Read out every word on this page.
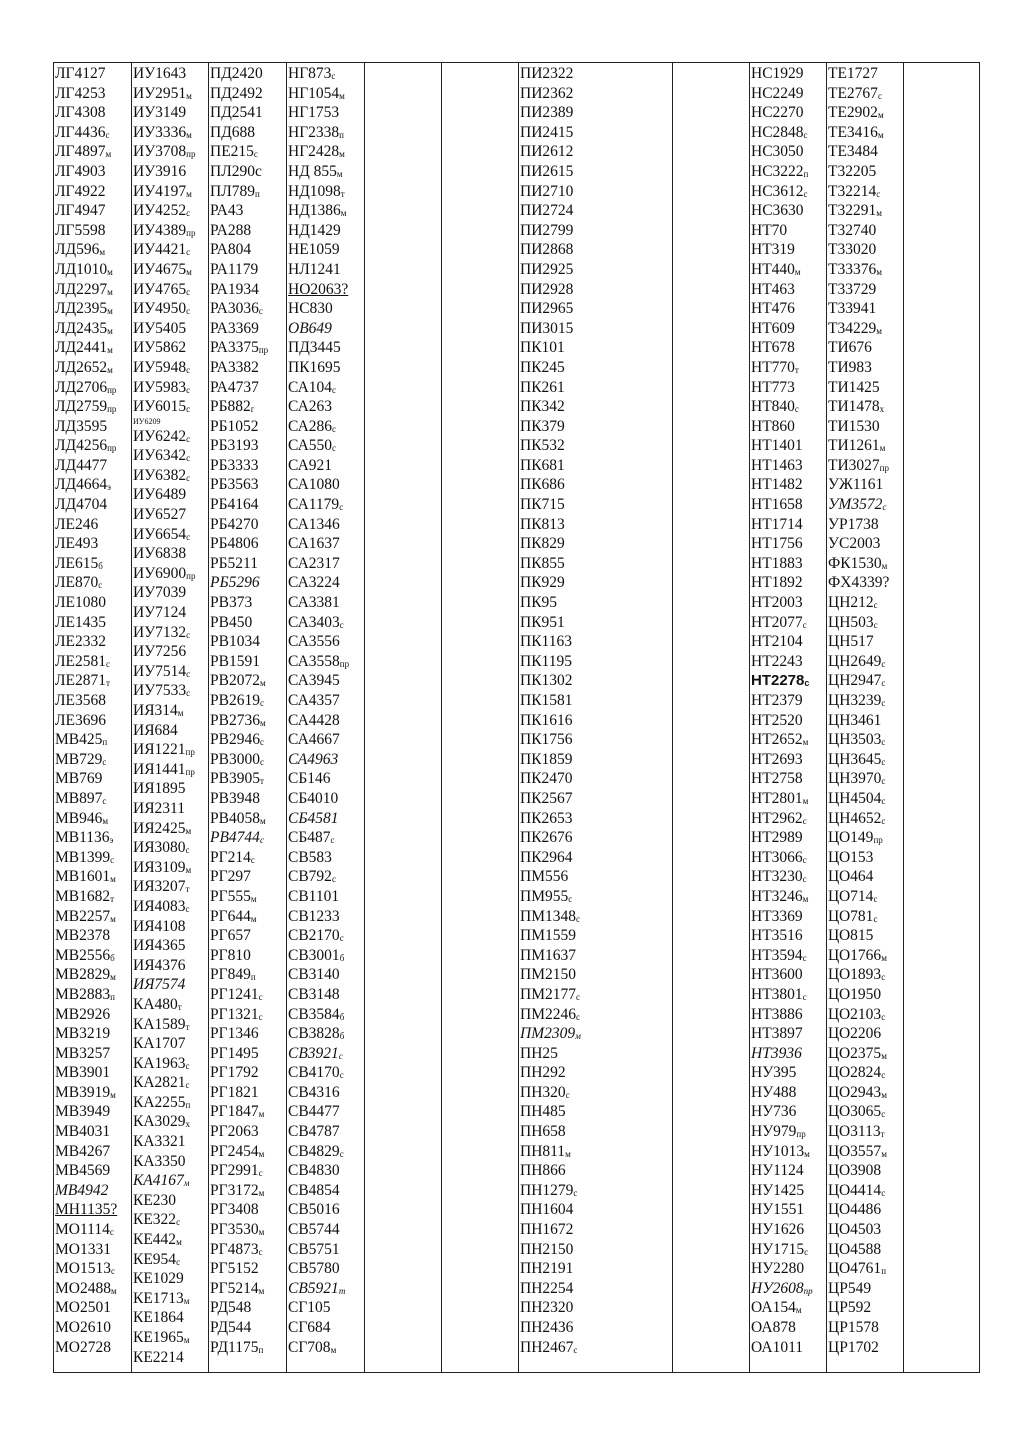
ЛГ4127
ЛГ4253
ЛГ4308
ЛГ4436с
ЛГ4897м
ЛГ4903
ЛГ4922
ЛГ4947
ЛГ5598
ЛД596м
ЛД1010м
ЛД2297м
ЛД2395м
ЛД2435м
ЛД2441м
ЛД2652м
ЛД2706пр
ЛД2759пр
ЛД3595
ЛД4256пр
ЛД4477
ЛД4664э
ЛД4704
ЛЕ246
ЛЕ493
ЛЕ615б
ЛЕ870с
ЛЕ1080
ЛЕ1435
ЛЕ2332
ЛЕ2581с
ЛЕ2871т
ЛЕ3568
ЛЕ3696
МВ425п
МВ729с
МВ769
МВ897с
МВ946м
МВ1136э
МВ1399с
МВ1601м
МВ1682т
МВ2257м
МВ2378
МВ2556б
МВ2829м
МВ2883п
МВ2926
МВ3219
МВ3257
МВ3901
МВ3919м
МВ3949
МВ4031
МВ4267
МВ4569
МВ4942
МН1135?
МО1114с
МО1331
МО1513с
МО2488м
МО2501
МО2610
МО2728
ИУ1643
ИУ2951м
ИУ3149
ИУ3336м
ИУ3708пр
ИУ3916
ИУ4197м
ИУ4252с
ИУ4389пр
ИУ4421с
ИУ4675м
ИУ4765с
ИУ4950с
ИУ5405
ИУ5862
ИУ5948с
ИУ5983с
ИУ6015с
ИУ6209
ИУ6242с
ИУ6342с
ИУ6382с
ИУ6489
ИУ6527
ИУ6654с
ИУ6838
ИУ6900пр
ИУ7039
ИУ7124
ИУ7132с
ИУ7256
ИУ7514с
ИУ7533с
ИЯ314м
ИЯ684
ИЯ1221пр
ИЯ1441пр
ИЯ1895
ИЯ2311
ИЯ2425м
ИЯ3080с
ИЯ3109м
ИЯ3207т
ИЯ4083с
ИЯ4108
ИЯ4365
ИЯ4376
ИЯ7574
КА480т
КА1589т
КА1707
КА1963с
КА2821с
КА2255п
КА3029х
КА3321
КА3350
КА4167м
КЕ230
КЕ322с
КЕ442м
КЕ954с
КЕ1029
КЕ1713м
КЕ1864
КЕ1965м
КЕ2214
ПД2420
ПД2492
ПД2541
ПД688
ПЕ215с
ПЛ290с
ПЛ789п
РА43
РА288
РА804
РА1179
РА1934
РА3036с
РА3369
РА3375пр
РА3382
РА4737
РБ882г
РБ1052
РБ3193
РБ3333
РБ3563
РБ4164
РБ4270
РБ4806
РБ5211
РБ5296
РВ373
РВ450
РВ1034
РВ1591
РВ2072м
РВ2619с
РВ2736м
РВ2946с
РВ3000с
РВ3905т
РВ3948
РВ4058м
РВ4744с
РГ214с
РГ297
РГ555м
РГ644м
РГ657
РГ810
РГ849п
РГ1241с
РГ1321с
РГ1346
РГ1495
РГ1792
РГ1821
РГ1847м
РГ2063
РГ2454м
РГ2991с
РГ3172м
РГ3408
РГ3530м
РГ4873с
РГ5152
РГ5214м
РД548
РД544
РД1175п
НГ873с
НГ1054м
НГ1753
НГ2338п
НГ2428м
НД 855м
НД1098т
НД1386м
НД1429
НЕ1059
НЛ1241
НО2063?
НС830
ОВ649
ПД3445
ПК1695
СА104с
СА263
СА286с
СА550с
СА921
СА1080
СА1179с
СА1346
СА1637
СА2317
СА3224
СА3381
СА3403с
СА3556
СА3558пр
СА3945
СА4357
СА4428
СА4667
СА4963
СБ146
СБ4010
СБ4581
СБ487с
СВ583
СВ792с
СВ1101
СВ1233
СВ2170с
СВ3001б
СВ3140
СВ3148
СВ3584б
СВ3828б
СВ3921с
СВ4170с
СВ4316
СВ4477
СВ4787
СВ4829с
СВ4830
СВ4854
СВ5016
СВ5744
СВ5751
СВ5780
СВ5921т
СГ105
СГ684
СГ708м
ПИ2322
ПИ2362
ПИ2389
ПИ2415
ПИ2612
ПИ2615
ПИ2710
ПИ2724
ПИ2799
ПИ2868
ПИ2925
ПИ2928
ПИ2965
ПИ3015
ПК101
ПК245
ПК261
ПК342
ПК379
ПК532
ПК681
ПК686
ПК715
ПК813
ПК829
ПК855
ПК929
ПК95
ПК951
ПК1163
ПК1195
ПК1302
ПК1581
ПК1616
ПК1756
ПК1859
ПК2470
ПК2567
ПК2653
ПК2676
ПК2964
ПМ556
ПМ955с
ПМ1348с
ПМ1559
ПМ1637
ПМ2150
ПМ2177с
ПМ2246с
ПМ2309м
ПН25
ПН292
ПН320с
ПН485
ПН658
ПН811м
ПН866
ПН1279с
ПН1604
ПН1672
ПН2150
ПН2191
ПН2254
ПН2320
ПН2436
ПН2467с
НС1929
НС2249
НС2270
НС2848с
НС3050
НС3222п
НС3612с
НС3630
НТ70
НТ319
НТ440м
НТ463
НТ476
НТ609
НТ678
НТ770т
НТ773
НТ840с
НТ860
НТ1401
НТ1463
НТ1482
НТ1658
НТ1714
НТ1756
НТ1883
НТ1892
НТ2003
НТ2077с
НТ2104
НТ2243
НТ2278с
НТ2379
НТ2520
НТ2652м
НТ2693
НТ2758
НТ2801м
НТ2962с
НТ2989
НТ3066с
НТ3230с
НТ3246м
НТ3369
НТ3516
НТ3594с
НТ3600
НТ3801с
НТ3886
НТ3897
НТ3936
НУ395
НУ488
НУ736
НУ979пр
НУ1013м
НУ1124
НУ1425
НУ1551
НУ1626
НУ1715с
НУ2280
НУ2608пр
ОА154м
ОА878
ОА1011
ТЕ1727
ТЕ2767с
ТЕ2902м
ТЕ3416м
ТЕ3484
Т32205
Т32214с
Т32291м
Т32740
Т33020
Т33376м
Т33729
Т33941
Т34229м
ТИ676
ТИ983
ТИ1425
ТИ1478х
ТИ1530
ТИ1261м
ТИ3027пр
УЖ1161
УМ3572с
УР1738
УС2003
ФК1530м
ФХ4339?
ЦН212с
ЦН503с
ЦН517
ЦН2649с
ЦН2947с
ЦН3239с
ЦН3461
ЦН3503с
ЦН3645с
ЦН3970с
ЦН4504с
ЦН4652с
ЦО149пр
ЦО153
ЦО464
ЦО714с
ЦО781с
ЦО815
ЦО1766м
ЦО1893с
ЦО1950
ЦО2103с
ЦО2206
ЦО2375м
ЦО2824с
ЦО2943м
ЦО3065с
ЦО3113т
ЦО3557м
ЦО3908
ЦО4414с
ЦО4486
ЦО4503
ЦО4588
ЦО4761п
ЦР549
ЦР592
ЦР1578
ЦР1702
